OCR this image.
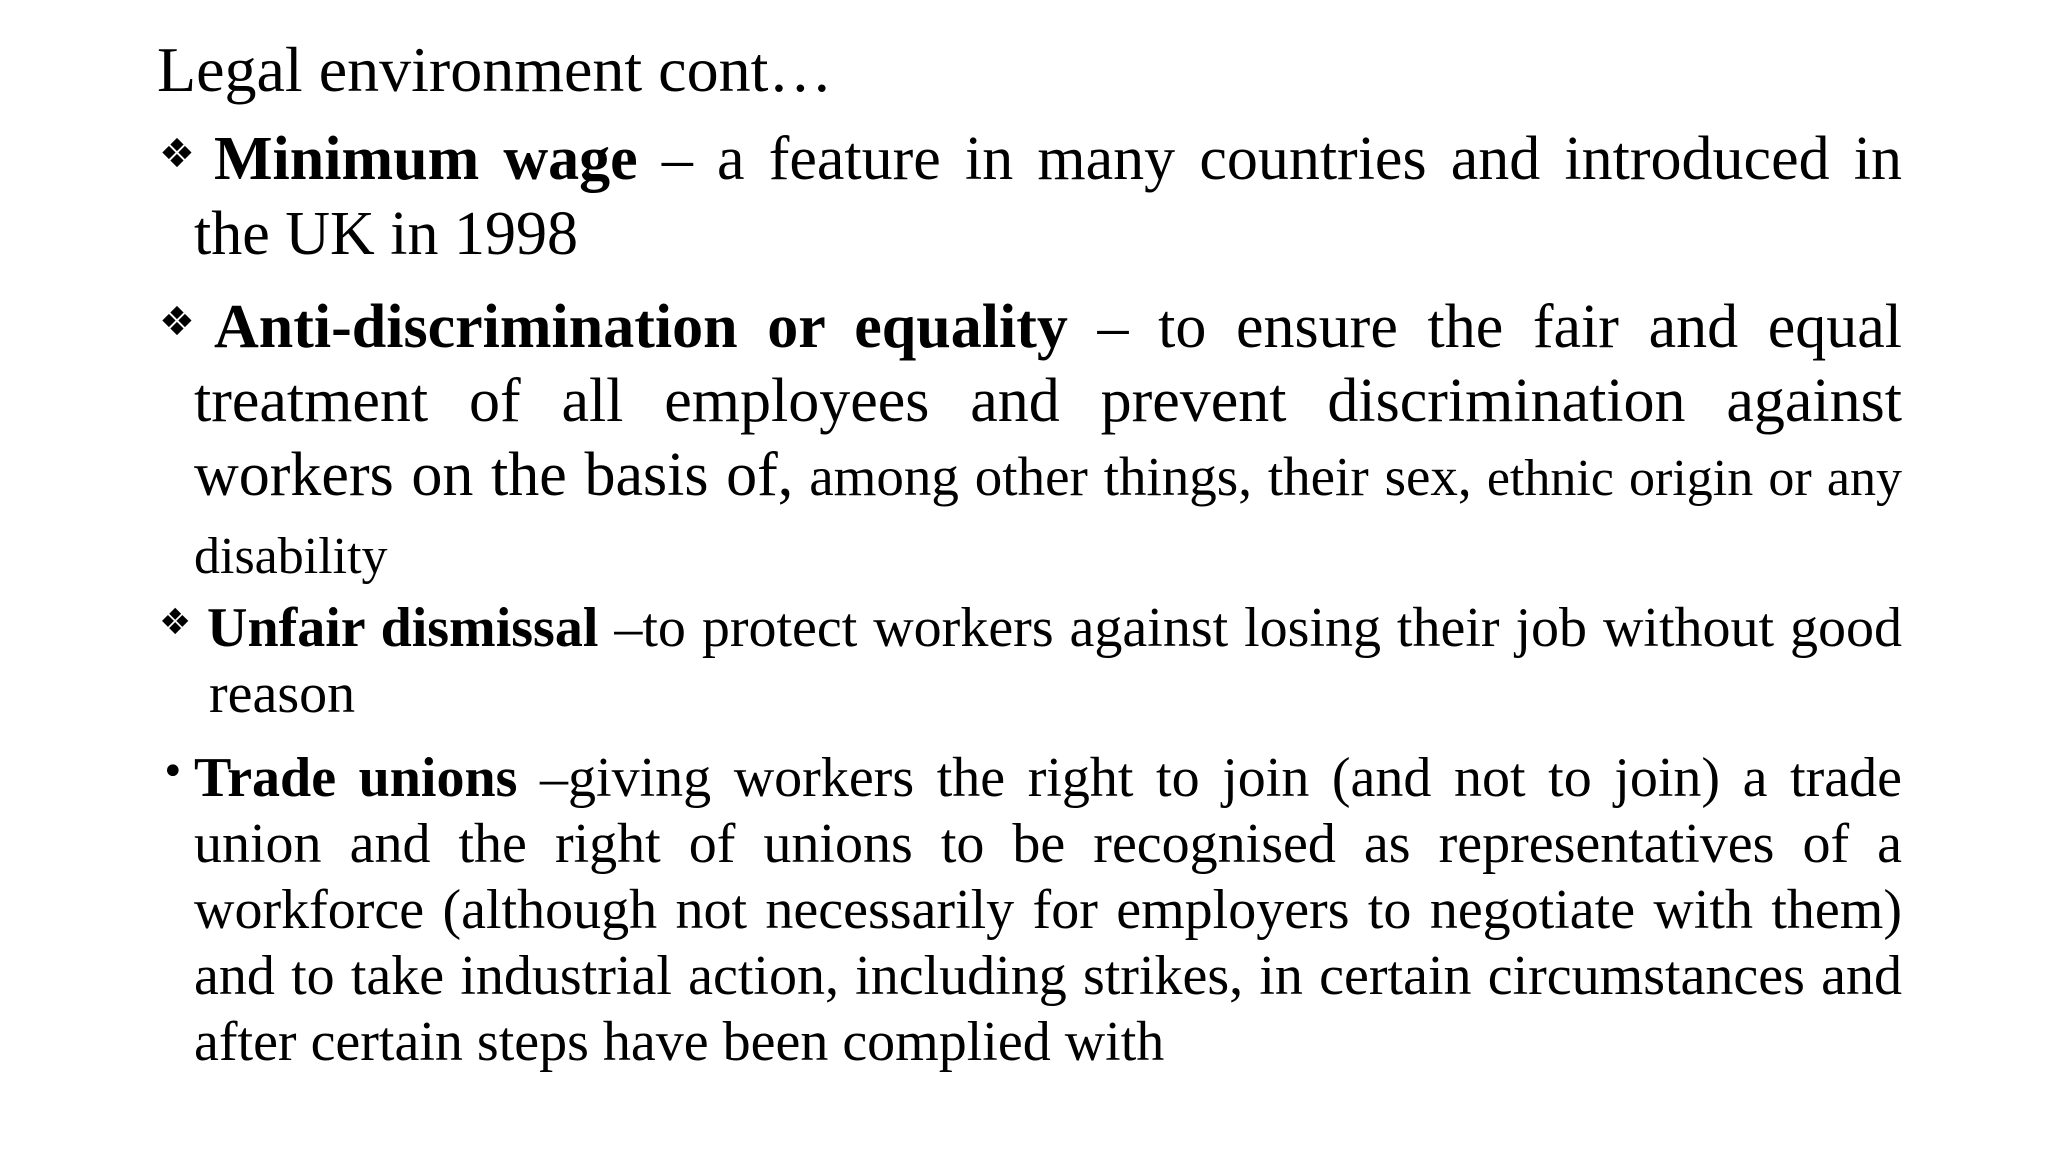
Legal environment cont…
❖ Minimum wage – a feature in many countries and introduced in the UK in 1998
❖ Anti-discrimination or equality – to ensure the fair and equal treatment of all employees and prevent discrimination against workers on the basis of, among other things, their sex, ethnic origin or any disability
❖ Unfair dismissal –to protect workers against losing their job without good reason
• Trade unions –giving workers the right to join (and not to join) a trade union and the right of unions to be recognised as representatives of a workforce (although not necessarily for employers to negotiate with them) and to take industrial action, including strikes, in certain circumstances and after certain steps have been complied with
